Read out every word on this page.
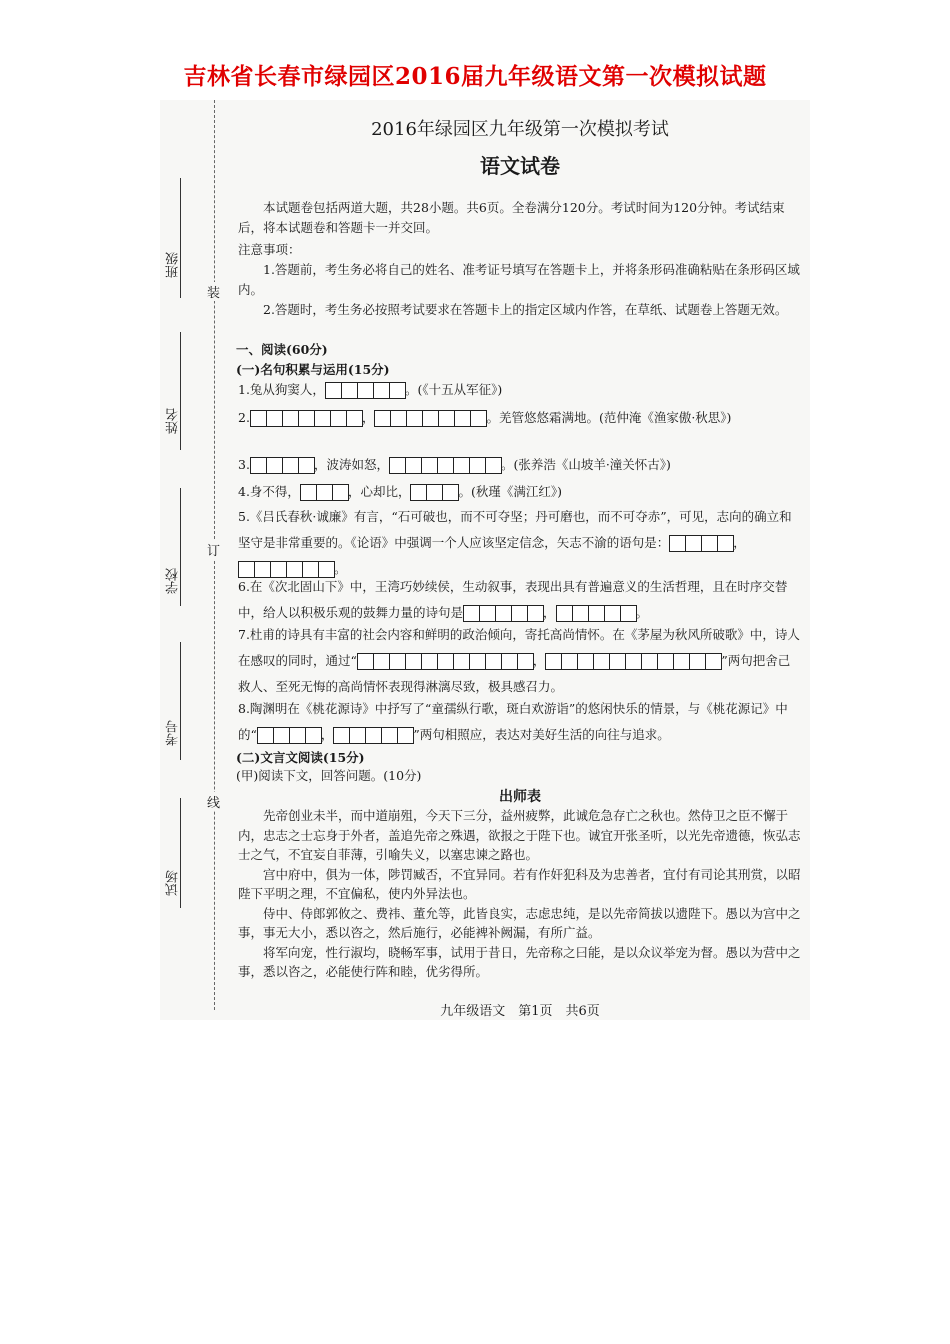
吉林省长春市绿园区2016届九年级语文第一次模拟试题
装
订
线
班级
姓名
学校
考号
试场
2016年绿园区九年级第一次模拟考试
语文试卷
本试题卷包括两道大题，共28小题。共6页。全卷满分120分。考试时间为120分钟。考试结束后，将本试题卷和答题卡一并交回。
注意事项：
1.答题前，考生务必将自己的姓名、准考证号填写在答题卡上，并将条形码准确粘贴在条形码区域内。
2.答题时，考生务必按照考试要求在答题卡上的指定区域内作答，在草纸、试题卷上答题无效。
一、阅读(60分)
(一)名句积累与运用(15分)
1.兔从狗窦人，	。(《十五从军征》)
2.	，	。羌管悠悠霜满地。(范仲淹《渔家傲·秋思》)
3.	，波涛如怒，	。(张养浩《山坡羊·潼关怀古》)
4.身不得，	，心却比，	。(秋瑾《满江红》)
5.《吕氏春秋·诚廉》有言，“石可破也，而不可夺坚；丹可磨也，而不可夺赤”，可见，志向的确立和坚守是非常重要的。《论语》中强调一个人应该坚定信念，矢志不渝的语句是：	，。
6.在《次北固山下》中，王湾巧妙续侯，生动叙事，表现出具有普遍意义的生活哲理，且在时序交替中，给人以积极乐观的鼓舞力量的诗句是	，	。
7.杜甫的诗具有丰富的社会内容和鲜明的政治倾向，寄托高尚情怀。在《茅屋为秋风所破歌》中，诗人在感叹的同时，通过“	，	”两句把舍己救人、至死无悔的高尚情怀表现得淋漓尽致，极具感召力。
8.陶渊明在《桃花源诗》中抒写了“童孺纵行歌，斑白欢游诣”的悠闲快乐的情景，与《桃花源记》中的“	，	”两句相照应，表达对美好生活的向往与追求。
(二)文言文阅读(15分)
(甲)阅读下文，回答问题。(10分)
出师表
先帝创业未半，而中道崩殂，今天下三分，益州疲弊，此诚危急存亡之秋也。然侍卫之臣不懈于内，忠志之士忘身于外者，盖追先帝之殊遇，欲报之于陛下也。诚宜开张圣听，以光先帝遗德，恢弘志士之气，不宜妄自菲薄，引喻失义，以塞忠谏之路也。
宫中府中，俱为一体，陟罚臧否，不宜异同。若有作奸犯科及为忠善者，宜付有司论其刑赏，以昭陛下平明之理，不宜偏私，使内外异法也。
侍中、侍郎郭攸之、费祎、董允等，此皆良实，志虑忠纯，是以先帝简拔以遗陛下。愚以为宫中之事，事无大小，悉以咨之，然后施行，必能裨补阙漏，有所广益。
将军向宠，性行淑均，晓畅军事，试用于昔日，先帝称之曰能，是以众议举宠为督。愚以为营中之事，悉以咨之，必能使行阵和睦，优劣得所。
九年级语文　第1页　共6页
